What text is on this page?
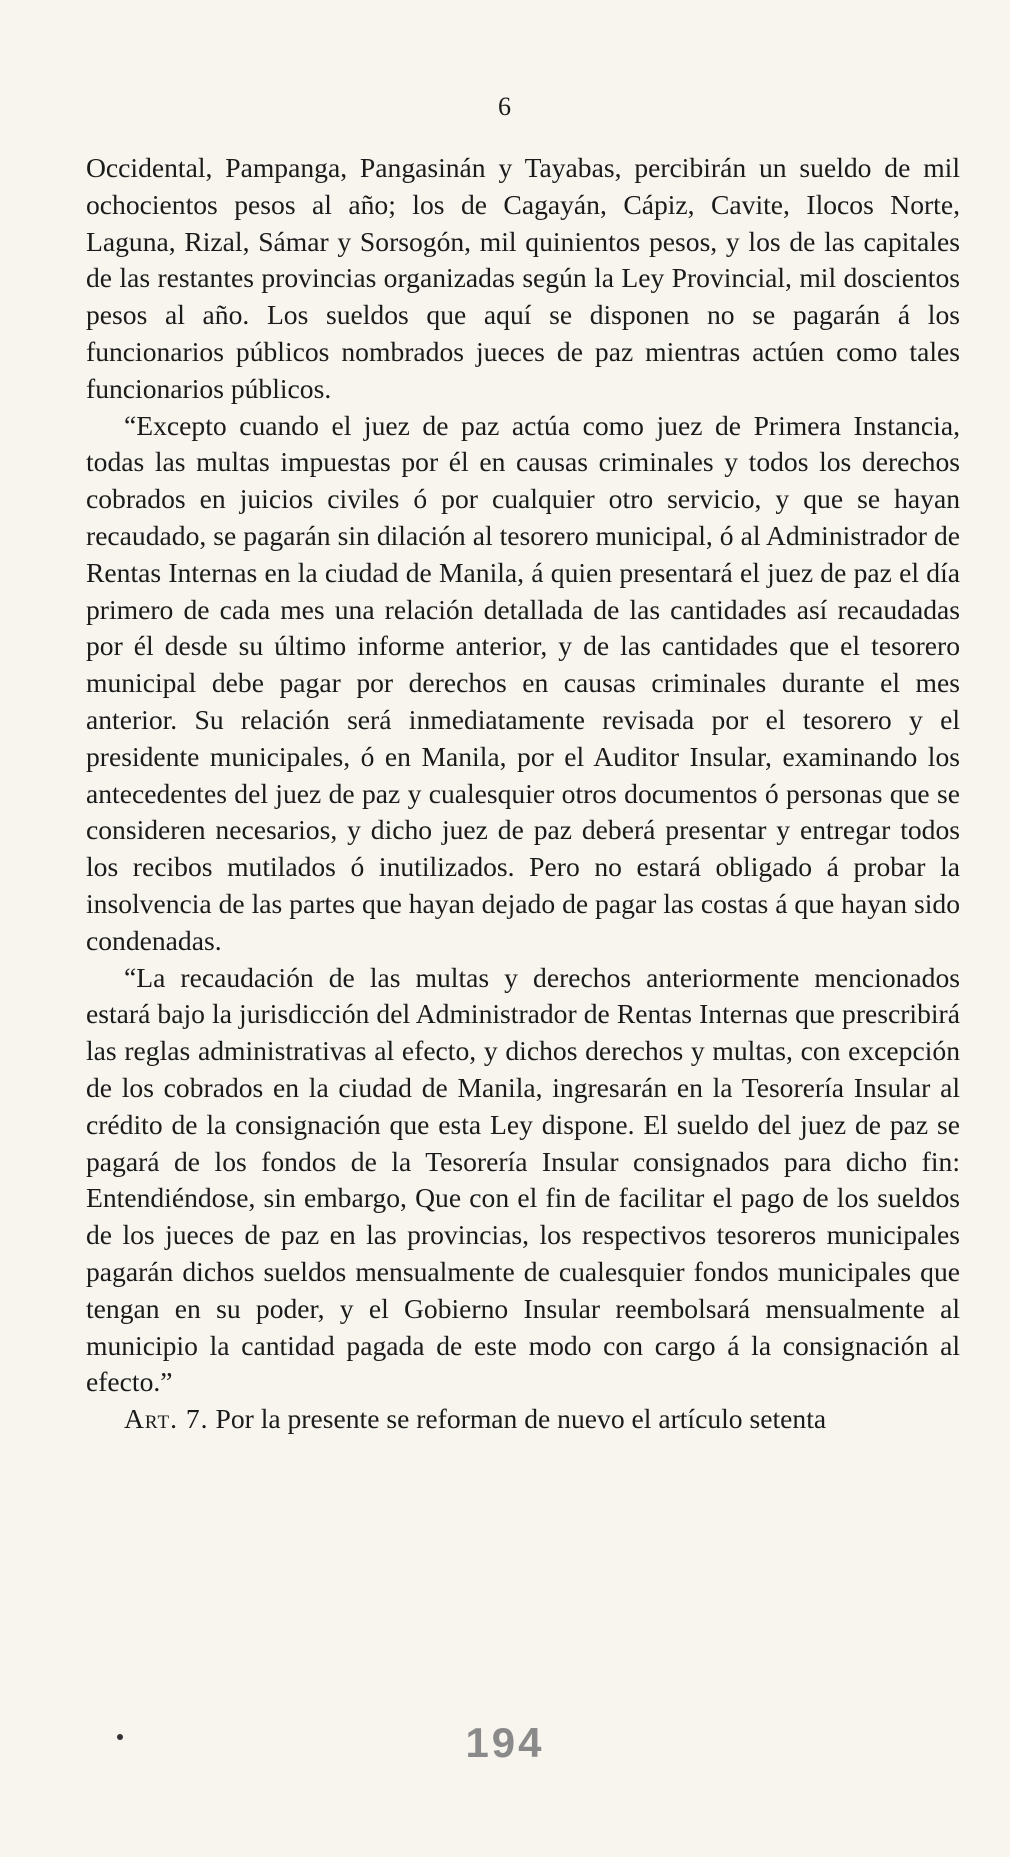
6

Occidental, Pampanga, Pangasinán y Tayabas, percibirán un sueldo de mil ochocientos pesos al año; los de Cagayán, Cápiz, Cavite, Ilocos Norte, Laguna, Rizal, Sámar y Sorsogón, mil quinientos pesos, y los de las capitales de las restantes provincias organizadas según la Ley Provincial, mil doscientos pesos al año. Los sueldos que aquí se disponen no se pagarán á los funcionarios públicos nombrados jueces de paz mientras actúen como tales funcionarios públicos.

“Excepto cuando el juez de paz actúa como juez de Primera Instancia, todas las multas impuestas por él en causas criminales y todos los derechos cobrados en juicios civiles ó por cualquier otro servicio, y que se hayan recaudado, se pagarán sin dilación al tesorero municipal, ó al Administrador de Rentas Internas en la ciudad de Manila, á quien presentará el juez de paz el día primero de cada mes una relación detallada de las cantidades así recaudadas por él desde su último informe anterior, y de las cantidades que el tesorero municipal debe pagar por derechos en causas criminales durante el mes anterior. Su relación será inmediatamente revisada por el tesorero y el presidente municipales, ó en Manila, por el Auditor Insular, examinando los antecedentes del juez de paz y cualesquier otros documentos ó personas que se consideren necesarios, y dicho juez de paz deberá presentar y entregar todos los recibos mutilados ó inutilizados. Pero no estará obligado á probar la insolvencia de las partes que hayan dejado de pagar las costas á que hayan sido condenadas.

“La recaudación de las multas y derechos anteriormente mencionados estará bajo la jurisdicción del Administrador de Rentas Internas que prescribirá las reglas administrativas al efecto, y dichos derechos y multas, con excepción de los cobrados en la ciudad de Manila, ingresarán en la Tesorería Insular al crédito de la consignación que esta Ley dispone. El sueldo del juez de paz se pagará de los fondos de la Tesorería Insular consignados para dicho fin: Entendiéndose, sin embargo, Que con el fin de facilitar el pago de los sueldos de los jueces de paz en las provincias, los respectivos tesoreros municipales pagarán dichos sueldos mensualmente de cualesquier fondos municipales que tengan en su poder, y el Gobierno Insular reembolsará mensualmente al municipio la cantidad pagada de este modo con cargo á la consignación al efecto.”

Art. 7. Por la presente se reforman de nuevo el artículo setenta

194
